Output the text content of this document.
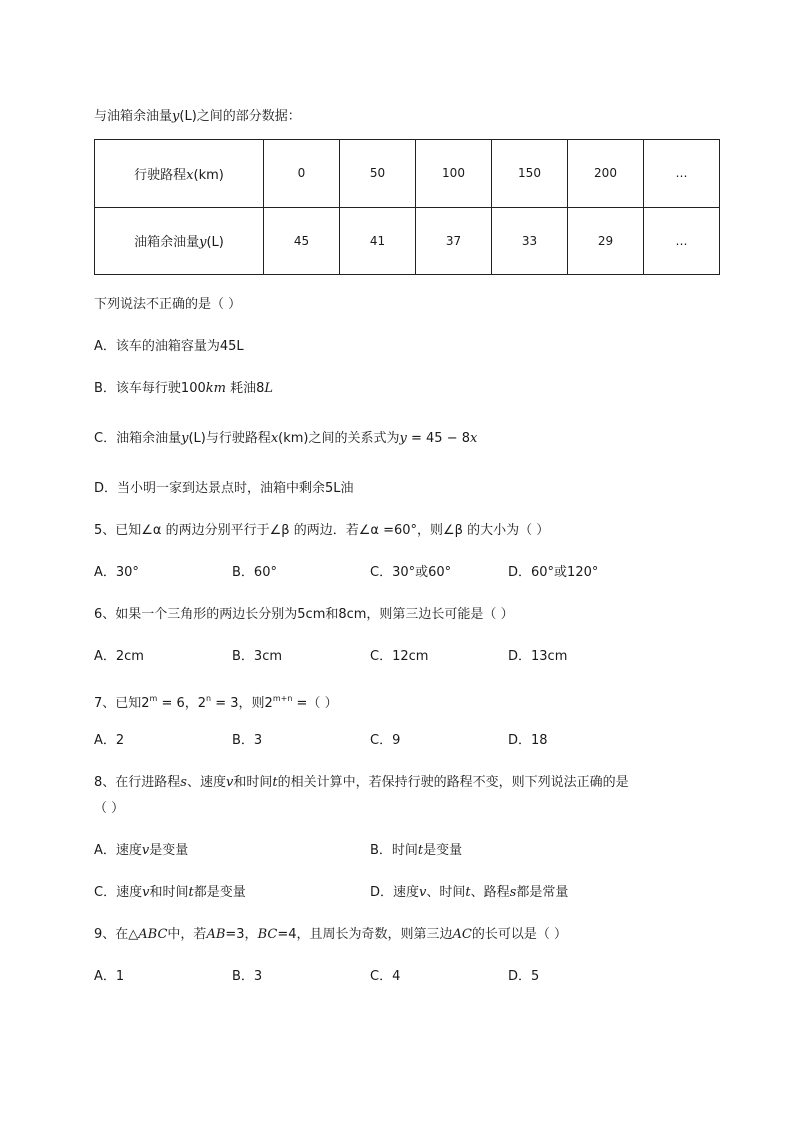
与油箱余油量y(L)之间的部分数据：
行驶路程x(km)	0	50	100	150	200	…
油箱余油量y(L)	45	41	37	33	29	…
下列说法不正确的是（ ）
A．该车的油箱容量为45L
B．该车每行驶100km 耗油8L
C．油箱余油量y(L)与行驶路程x(km)之间的关系式为y = 45 − 8x
D．当小明一家到达景点时，油箱中剩余5L油
5、已知∠α 的两边分别平行于∠β 的两边．若∠α =60°，则∠β 的大小为（ ）
A．30°	B．60°	C．30°或60°	D．60°或120°
6、如果一个三角形的两边长分别为5cm和8cm，则第三边长可能是（ ）
A．2cm	B．3cm	C．12cm	D．13cm
7、已知$2^m = 6$，$2^n = 3$，则$2^{m+n}$ =（ ）
A．2	B．3	C．9	D．18
8、在行进路程s、速度v和时间t的相关计算中，若保持行驶的路程不变，则下列说法正确的是
（ ）
A．速度v是变量	B．时间t是变量
C．速度v和时间t都是变量	D．速度v、时间t、路程s都是常量
9、在△ABC中，若AB=3，BC=4，且周长为奇数，则第三边AC的长可以是（ ）
A．1	B．3	C．4	D．5
